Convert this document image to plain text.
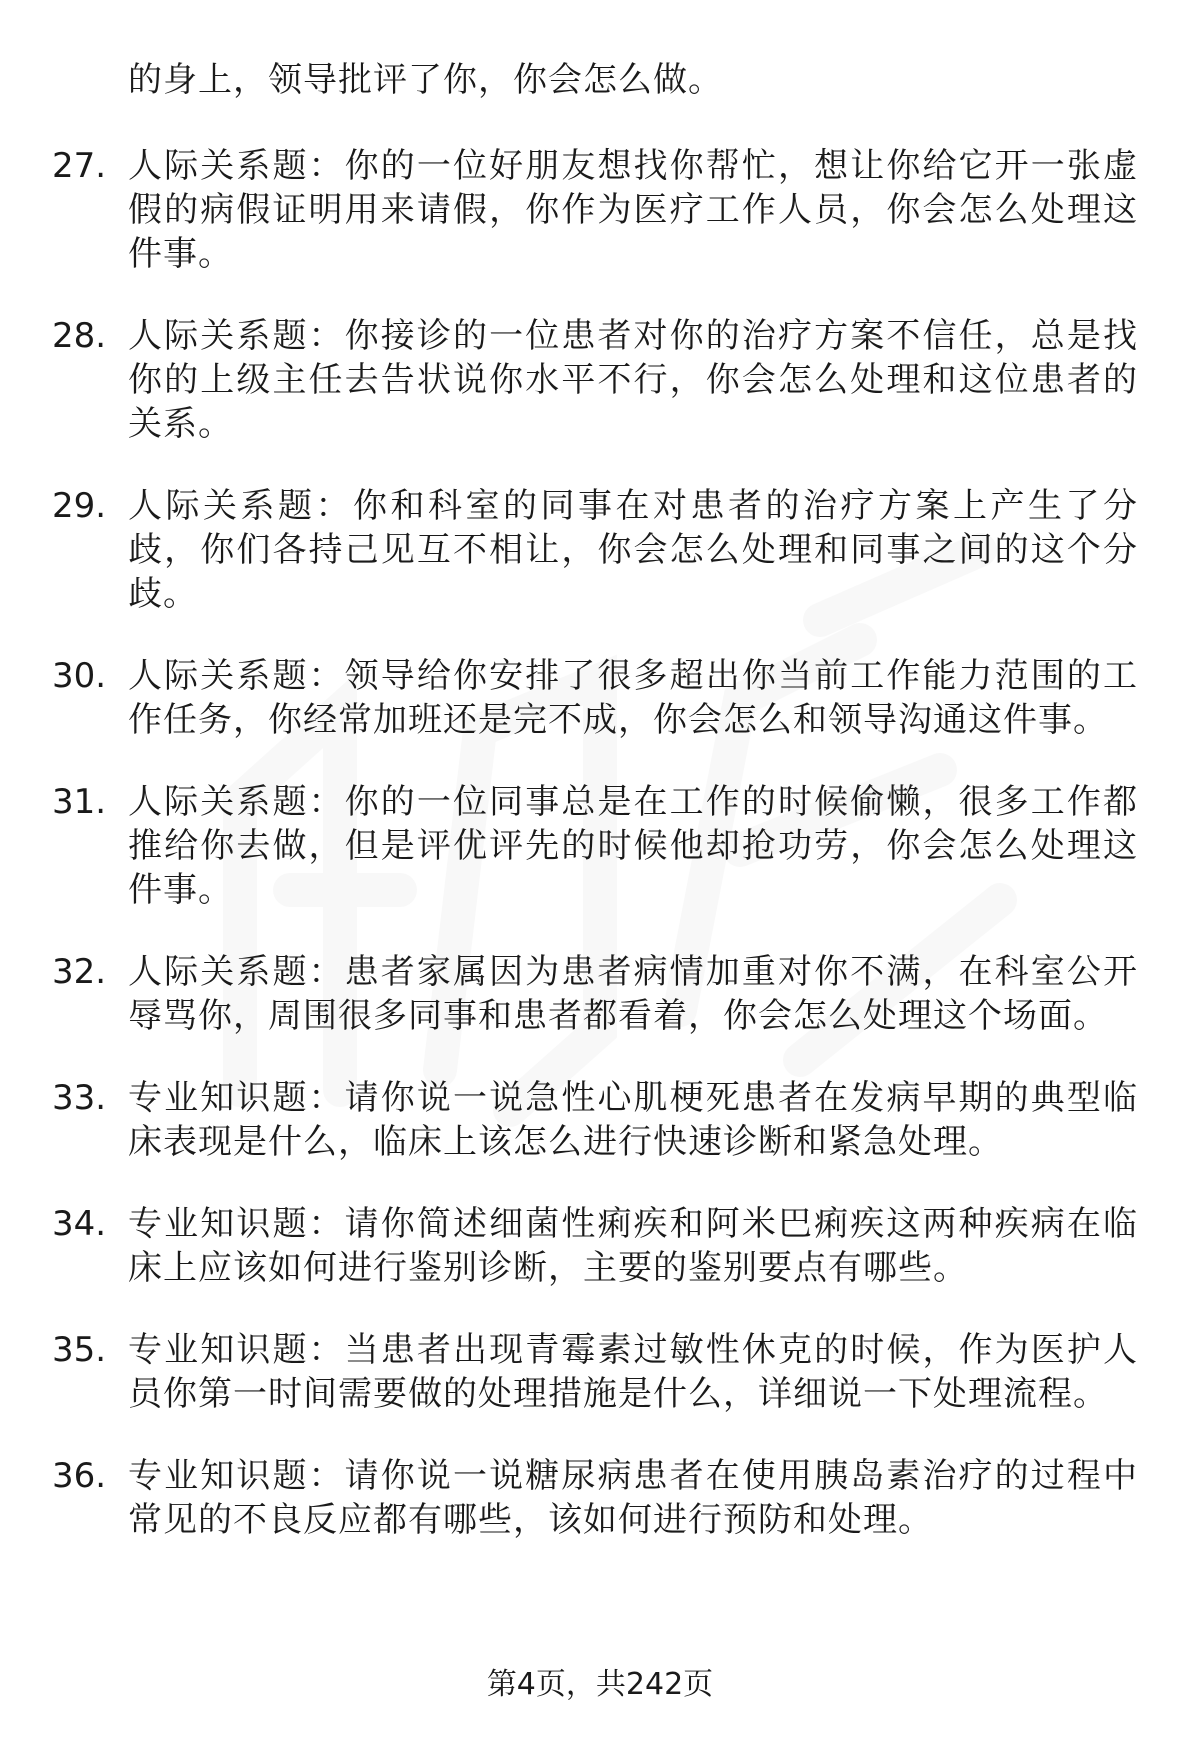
的身上，领导批评了你，你会怎么做。
27. 人际关系题：你的一位好朋友想找你帮忙，想让你给它开一张虚假的病假证明用来请假，你作为医疗工作人员，你会怎么处理这件事。
28. 人际关系题：你接诊的一位患者对你的治疗方案不信任，总是找你的上级主任去告状说你水平不行，你会怎么处理和这位患者的关系。
29. 人际关系题：你和科室的同事在对患者的治疗方案上产生了分歧，你们各持己见互不相让，你会怎么处理和同事之间的这个分歧。
30. 人际关系题：领导给你安排了很多超出你当前工作能力范围的工作任务，你经常加班还是完不成，你会怎么和领导沟通这件事。
31. 人际关系题：你的一位同事总是在工作的时候偷懒，很多工作都推给你去做，但是评优评先的时候他却抢功劳，你会怎么处理这件事。
32. 人际关系题：患者家属因为患者病情加重对你不满，在科室公开辱骂你，周围很多同事和患者都看着，你会怎么处理这个场面。
33. 专业知识题：请你说一说急性心肌梗死患者在发病早期的典型临床表现是什么，临床上该怎么进行快速诊断和紧急处理。
34. 专业知识题：请你简述细菌性痢疾和阿米巴痢疾这两种疾病在临床上应该如何进行鉴别诊断，主要的鉴别要点有哪些。
35. 专业知识题：当患者出现青霉素过敏性休克的时候，作为医护人员你第一时间需要做的处理措施是什么，详细说一下处理流程。
36. 专业知识题：请你说一说糖尿病患者在使用胰岛素治疗的过程中常见的不良反应都有哪些，该如何进行预防和处理。
第4页，共242页
